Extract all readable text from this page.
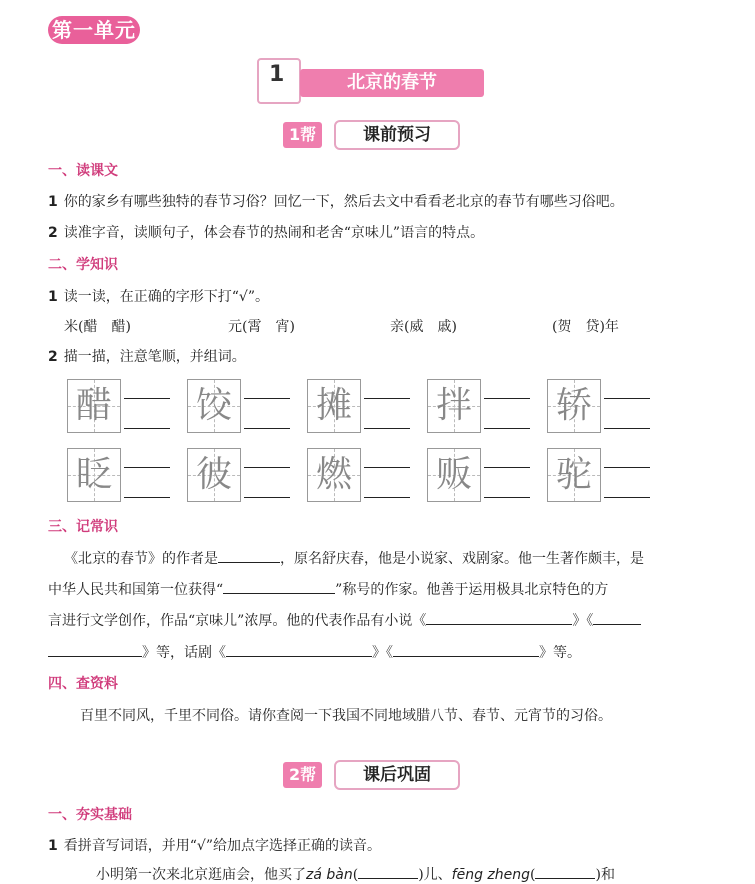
第一单元
1	北京的春节
1帮	课前预习
一、读课文
1 你的家乡有哪些独特的春节习俗？回忆一下，然后去文中看看老北京的春节有哪些习俗吧。
2 读准字音，读顺句子，体会春节的热闹和老舍“京味儿”语言的特点。
二、学知识
1 读一读，在正确的字形下打“√”。
米(醋　醋)	元(霄　宵)	亲(威　戚)	(贺　贷)年
2 描一描，注意笔顺，并组词。
醋 饺 摊 拌 轿
眨 彼 燃 贩 驼
三、记常识
《北京的春节》的作者是	，原名舒庆春，他是小说家、戏剧家。他一生著作颇丰，是
中华人民共和国第一位获得“	”称号的作家。他善于运用极具北京特色的方
言进行文学创作，作品“京味儿”浓厚。他的代表作品有小说《	》《
》等，话剧《	》《	》等。
四、查资料
百里不同风，千里不同俗。请你查阅一下我国不同地域腊八节、春节、元宵节的习俗。
2帮	课后巩固
一、夯实基础
1 看拼音写词语，并用“√”给加点字选择正确的读音。
小明第一次来北京逛庙会，他买了zá bàn(	)儿、fēng zheng(	)和
